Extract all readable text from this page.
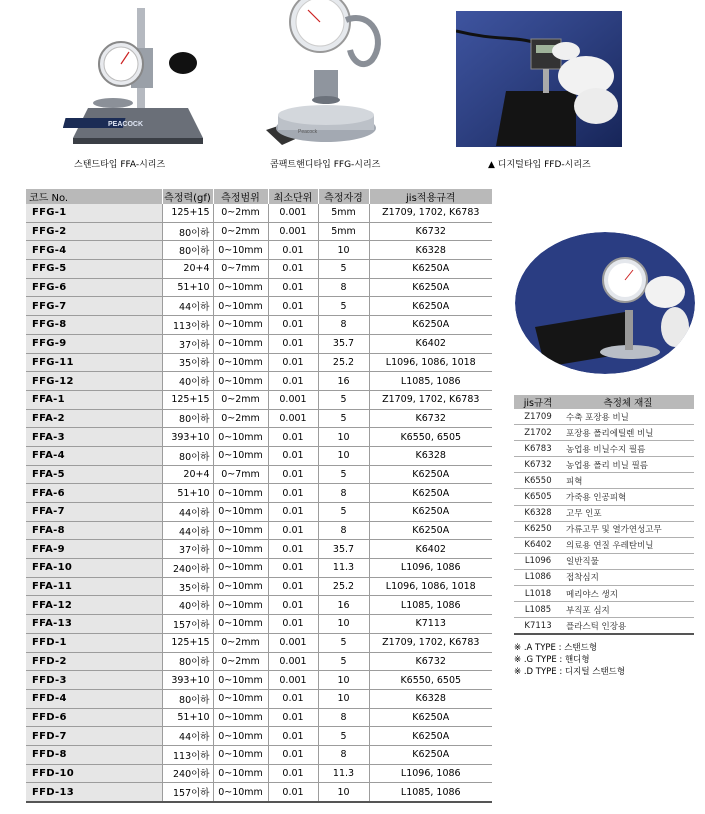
PEACOCK
스탠드타입 FFA-시리즈
Peacock
콤팩트핸디타입 FFG-시리즈	▲ 디지털타입 FFD-시리즈
코드 No.	측정력(gf)	측정범위	최소단위	측정자경	jis적용규격
FFG-1	125+15	0~2mm	0.001	5mm	Z1709, 1702, K6783
FFG-2	80이하	0~2mm	0.001	5mm	K6732
FFG-4	80이하	0~10mm	0.01	10	K6328
FFG-5	20+4	0~7mm	0.01	5	K6250A
FFG-6	51+10	0~10mm	0.01	8	K6250A
FFG-7	44이하	0~10mm	0.01	5	K6250A
FFG-8	113이하	0~10mm	0.01	8	K6250A
FFG-9	37이하	0~10mm	0.01	35.7	K6402
FFG-11	35이하	0~10mm	0.01	25.2	L1096, 1086, 1018
FFG-12	40이하	0~10mm	0.01	16	L1085, 1086
FFA-1	125+15	0~2mm	0.001	5	Z1709, 1702, K6783
FFA-2	80이하	0~2mm	0.001	5	K6732
FFA-3	393+10	0~10mm	0.01	10	K6550, 6505
FFA-4	80이하	0~10mm	0.01	10	K6328
FFA-5	20+4	0~7mm	0.01	5	K6250A
FFA-6	51+10	0~10mm	0.01	8	K6250A
FFA-7	44이하	0~10mm	0.01	5	K6250A
FFA-8	44이하	0~10mm	0.01	8	K6250A
FFA-9	37이하	0~10mm	0.01	35.7	K6402
FFA-10	240이하	0~10mm	0.01	11.3	L1096, 1086
FFA-11	35이하	0~10mm	0.01	25.2	L1096, 1086, 1018
FFA-12	40이하	0~10mm	0.01	16	L1085, 1086
FFA-13	157이하	0~10mm	0.01	10	K7113
FFD-1	125+15	0~2mm	0.001	5	Z1709, 1702, K6783
FFD-2	80이하	0~2mm	0.001	5	K6732
FFD-3	393+10	0~10mm	0.001	10	K6550, 6505
FFD-4	80이하	0~10mm	0.01	10	K6328
FFD-6	51+10	0~10mm	0.01	8	K6250A
FFD-7	44이하	0~10mm	0.01	5	K6250A
FFD-8	113이하	0~10mm	0.01	8	K6250A
FFD-10	240이하	0~10mm	0.01	11.3	L1096, 1086
FFD-13	157이하	0~10mm	0.01	10	L1085, 1086
jis규격	측정체 재질
Z1709	수축 포장용 비닐
Z1702	포장용 폴리에틸렌 비닐
K6783	농업용 비닐수지 필름
K6732	농업용 폴리 비닐 필름
K6550	피혁
K6505	가죽용 인공피혁
K6328	고무 인포
K6250	가류고무 및 열가연성고무
K6402	의료용 연질 우레탄비닐
L1096	일반직물
L1086	접착심지
L1018	메리야스 생지
L1085	부직포 심지
K7113	플라스틱 인장용
※ .A TYPE : 스탠드형
※ .G TYPE : 핸디형
※ .D TYPE : 디지털 스탠드형
